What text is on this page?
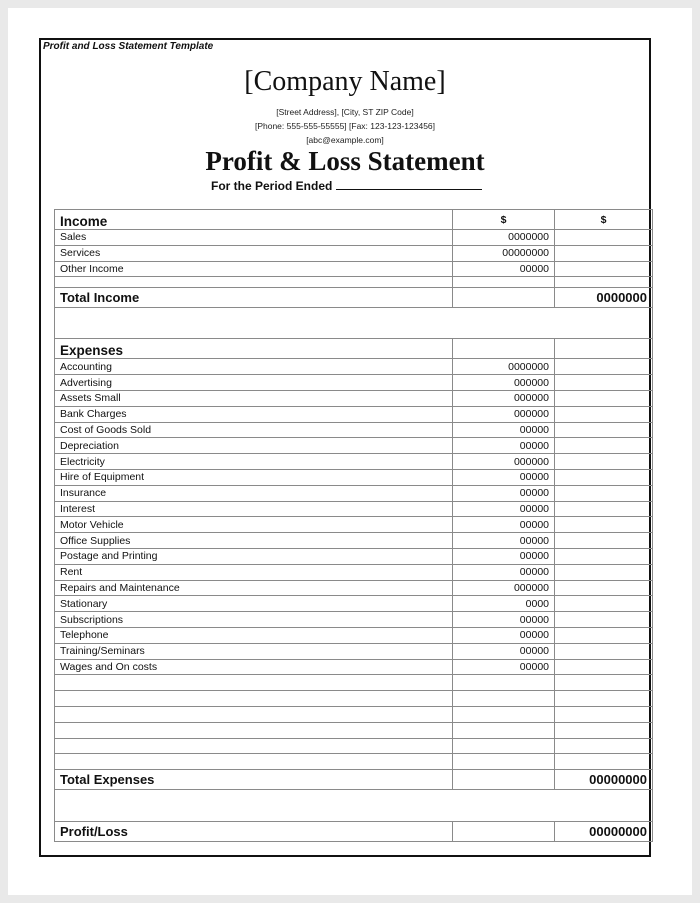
Profit and Loss Statement Template
[Company Name]
[Street Address], [City, ST ZIP Code]
[Phone: 555-555-55555] [Fax: 123-123-123456]
[abc@example.com]
Profit & Loss Statement
For the Period Ended
Income	$	$
Sales	0000000	
Services	00000000	
Other Income	00000	

Total Income		0000000

Expenses		
Accounting	0000000	
Advertising	000000	
Assets Small	000000	
Bank Charges	000000	
Cost of Goods Sold	00000	
Depreciation	00000	
Electricity	000000	
Hire of Equipment	00000	
Insurance	00000	
Interest	00000	
Motor Vehicle	00000	
Office Supplies	00000	
Postage and Printing	00000	
Rent	00000	
Repairs and Maintenance	000000	
Stationary	0000	
Subscriptions	00000	
Telephone	00000	
Training/Seminars	00000	
Wages and On costs	00000	

Total Expenses		00000000

Profit/Loss		00000000
